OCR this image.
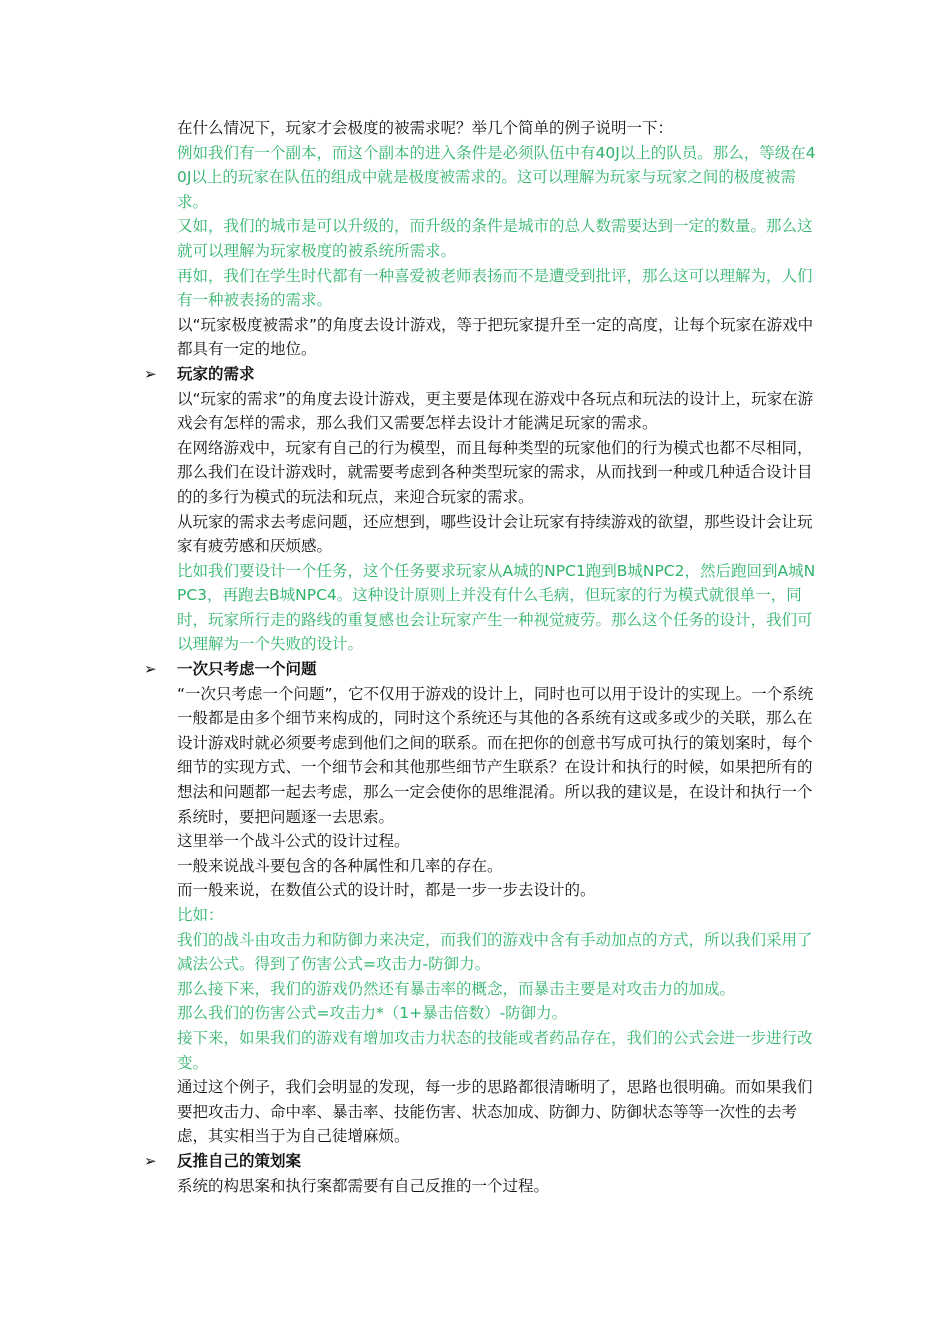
在什么情况下，玩家才会极度的被需求呢？举几个简单的例子说明一下：

例如我们有一个副本，而这个副本的进入条件是必须队伍中有40J以上的队员。那么，等级在40J以上的玩家在队伍的组成中就是极度被需求的。这可以理解为玩家与玩家之间的极度被需求。

又如，我们的城市是可以升级的，而升级的条件是城市的总人数需要达到一定的数量。那么这就可以理解为玩家极度的被系统所需求。

再如，我们在学生时代都有一种喜爱被老师表扬而不是遭受到批评，那么这可以理解为，人们有一种被表扬的需求。

以“玩家极度被需求”的角度去设计游戏，等于把玩家提升至一定的高度，让每个玩家在游戏中都具有一定的地位。

➢ 玩家的需求

以“玩家的需求”的角度去设计游戏，更主要是体现在游戏中各玩点和玩法的设计上，玩家在游戏会有怎样的需求，那么我们又需要怎样去设计才能满足玩家的需求。

在网络游戏中，玩家有自己的行为模型，而且每种类型的玩家他们的行为模式也都不尽相同，那么我们在设计游戏时，就需要考虑到各种类型玩家的需求，从而找到一种或几种适合设计目的的多行为模式的玩法和玩点，来迎合玩家的需求。

从玩家的需求去考虑问题，还应想到，哪些设计会让玩家有持续游戏的欲望，那些设计会让玩家有疲劳感和厌烦感。

比如我们要设计一个任务，这个任务要求玩家从A城的NPC1跑到B城NPC2，然后跑回到A城NPC3，再跑去B城NPC4。这种设计原则上并没有什么毛病，但玩家的行为模式就很单一，同时，玩家所行走的路线的重复感也会让玩家产生一种视觉疲劳。那么这个任务的设计，我们可以理解为一个失败的设计。

➢ 一次只考虑一个问题

“一次只考虑一个问题”，它不仅用于游戏的设计上，同时也可以用于设计的实现上。一个系统一般都是由多个细节来构成的，同时这个系统还与其他的各系统有这或多或少的关联，那么在设计游戏时就必须要考虑到他们之间的联系。而在把你的创意书写成可执行的策划案时，每个细节的实现方式、一个细节会和其他那些细节产生联系？在设计和执行的时候，如果把所有的想法和问题都一起去考虑，那么一定会使你的思维混淆。所以我的建议是，在设计和执行一个系统时，要把问题逐一去思索。

这里举一个战斗公式的设计过程。

一般来说战斗要包含的各种属性和几率的存在。

而一般来说，在数值公式的设计时，都是一步一步去设计的。

比如：

我们的战斗由攻击力和防御力来决定，而我们的游戏中含有手动加点的方式，所以我们采用了减法公式。得到了伤害公式=攻击力-防御力。

那么接下来，我们的游戏仍然还有暴击率的概念，而暴击主要是对攻击力的加成。

那么我们的伤害公式=攻击力*（1+暴击倍数）-防御力。

接下来，如果我们的游戏有增加攻击力状态的技能或者药品存在，我们的公式会进一步进行改变。

通过这个例子，我们会明显的发现，每一步的思路都很清晰明了，思路也很明确。而如果我们要把攻击力、命中率、暴击率、技能伤害、状态加成、防御力、防御状态等等一次性的去考虑，其实相当于为自己徒增麻烦。

➢ 反推自己的策划案

系统的构思案和执行案都需要有自己反推的一个过程。
